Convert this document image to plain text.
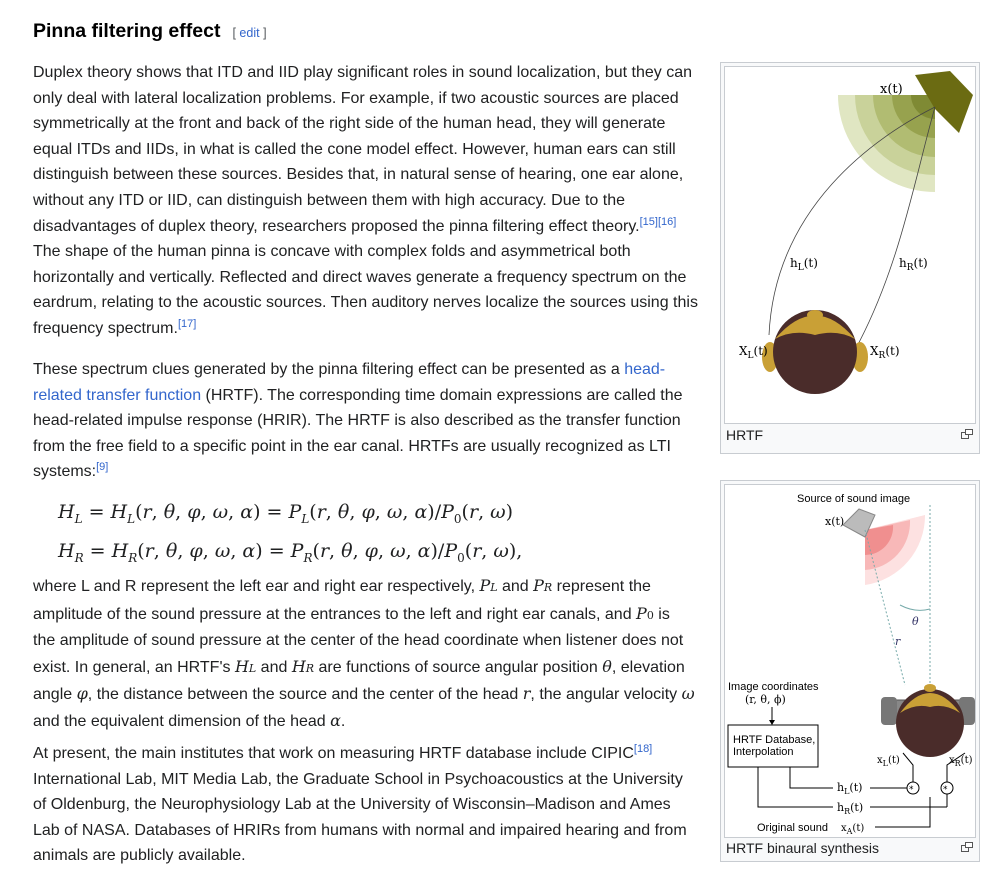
Pinna filtering effect [ edit ]

Duplex theory shows that ITD and IID play significant roles in sound localization, but they can
only deal with lateral localization problems. For example, if two acoustic sources are placed
symmetrically at the front and back of the right side of the human head, they will generate
equal ITDs and IIDs, in what is called the cone model effect. However, human ears can still
distinguish between these sources. Besides that, in natural sense of hearing, one ear alone,
without any ITD or IID, can distinguish between them with high accuracy. Due to the
disadvantages of duplex theory, researchers proposed the pinna filtering effect theory.[15][16]
The shape of the human pinna is concave with complex folds and asymmetrical both
horizontally and vertically. Reflected and direct waves generate a frequency spectrum on the
eardrum, relating to the acoustic sources. Then auditory nerves localize the sources using this
frequency spectrum.[17]

These spectrum clues generated by the pinna filtering effect can be presented as a head-
related transfer function (HRTF). The corresponding time domain expressions are called the
head-related impulse response (HRIR). The HRTF is also described as the transfer function
from the free field to a specific point in the ear canal. HRTFs are usually recognized as LTI
systems:[9]

$H_L = H_L(r$, θ, φ, ω, $\alpha) = P_L(r$, θ, φ, ω, $\alpha)/P_0(r$, ω)
$H_R = H_R(r$, θ, φ, ω, $\alpha) = P_R(r$, θ, φ, ω, $\alpha)/P_0(r$, ω),

where L and R represent the left ear and right ear respectively, PL and PR represent the
amplitude of the sound pressure at the entrances to the left and right ear canals, and P0 is
the amplitude of sound pressure at the center of the head coordinate when listener does not
exist. In general, an HRTF's HL and HR are functions of source angular position θ, elevation
angle φ, the distance between the source and the center of the head r, the angular velocity ω
and the equivalent dimension of the head α.

At present, the main institutes that work on measuring HRTF database include CIPIC[18]
International Lab, MIT Media Lab, the Graduate School in Psychoacoustics at the University
of Oldenburg, the Neurophysiology Lab at the University of Wisconsin–Madison and Ames
Lab of NASA. Databases of HRIRs from humans with normal and impaired hearing and from
animals are publicly available.

x(t)
$h_L(t)$	$h_R(t)$
$X_L(t)$	$X_R(t)$
HRTF
Source of sound image
x(t)
θ
r
Image coordinates
(r, θ, ϕ)
HRTF Database,
Interpolation
$h_L(t)$
$h_R(t)$
*	*
$x_L(t)$	$x_R(t)$
Original sound $x_A(t)$
HRTF binaural synthesis
